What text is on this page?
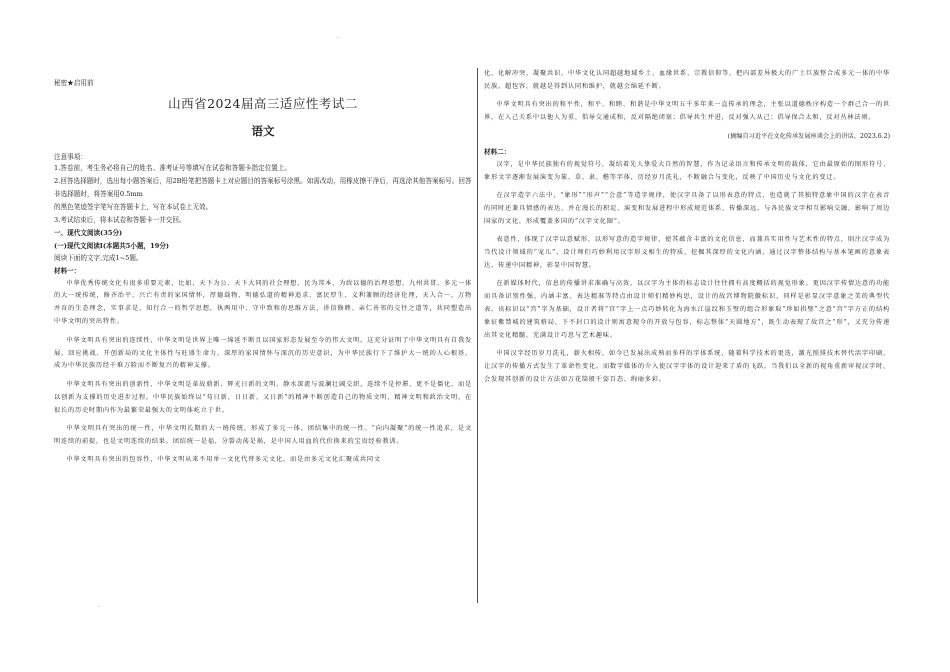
·
·

秘密★启用前

山西省2024届高三适应性考试二

语文

注意事项：

1.答卷前，考生务必将自己的姓名、准考证号等填写在试卷和答题卡指定位置上。

2.回答选择题时，选出每小题答案后，用2B铅笔把答题卡上对应题目的答案标号涂黑。如需改动，用橡皮擦干净后，再选涂其他答案标号。回答非选择题时，将答案用0.5mm

的黑色笔迹签字笔写在答题卡上，写在本试卷上无效。

3.考试结束后，将本试卷和答题卡一并交回。

一、现代文阅读(35分)

(一)现代文阅读I(本题共5小题，19分)

阅读下面的文字,完成1~5题。

材料一：

中华优秀传统文化有很多重要元素，比如，天下为公、天下大同的社会理想，民为邦本、为政以德的治理思想，九州共贯、多元一体的大一统传统，修齐治平、兴亡有责的家国情怀，厚德载物、明德弘道的精神追求，富民厚生、义利兼顾的经济伦理，天人合一、万物并育的生态理念，实事求是、知行合一的哲学思想，执两用中、守中致和的思维方法，讲信修睦、亲仁善邻的交往之道等，共同塑造出中华文明的突出特性。

中华文明具有突出的连续性，中华文明是世界上唯一绵延不断且以国家形态发展至今的伟大文明。这充分证明了中华文明具有自我发展、回应挑战、开创新局的文化主体性与旺盛生命力，深厚的家国情怀与深沉的历史意识，为中华民族行下了维护大一统的人心根基，成为中华民族历经千难万险而不断复兴的精神支撑。

中华文明具有突出的创新性，中华文明是革故鼎新、辉光日新的文明，静水深流与波澜壮阔交织，连续不是停滞、更不是僵化，而是以创新为支撑的历史进步过程。中华民族始终以“苟日新，日日新，又日新”的精神不断创造自己的物质文明、精神文明和政治文明，在很长的历史时期内作为最繁荣最强大的文明体屹立于世。

中华文明具有突出的统一性，中华文明长期的大一统传统，形成了多元一体、团结集中的统一性。“向内凝聚”的统一性追求，是文明连续的前提，也是文明连续的结果。团结统一是福，分裂动荡是祸，是中国人用血的代价换来的宝贵经验教训。

中华文明具有突出的包容性，中华文明从来不用单一文化代替多元文化，而是由多元文化汇聚成共同文

化，化解冲突，凝聚共识，中华文化认同超越地域乡土、血缘世系、宗教信仰等，把内部差异极大的广土巨族整合成多元一体的中华民族。超包容，就越是得到认同和维护，就越会绵延不断。

中华文明具有突出的和平性，和平、和睦、和谐是中华文明五千多年来一直传承的理念，主张以道德秩序构造一个群己合一的世界，在人己关系中以他人为重，倡导交通成和，反对隔绝闭塞；倡导共生并进，反对强人从己；倡导保合太和，反对丛林法则。

(摘编自习近平在文化传承发展座谈会上的讲话，2023.6.2)

材料二：

汉字，是中华民族独有的视觉符号，凝结着先人挚爱大自然的智慧，作为记录语言和传承文明的载体，它由最原始的图形符号、象形文字逐渐发展演变为篆、草、隶、楷等字体，历经岁月洗礼，不断融合与变化，反映了中国历史与文化的变迁。

在汉字造字六法中，“象形”“形声”“会意”等造字规律，使汉字具备了以形表意的特点，也造就了其独特意象中国的汉字在表音的同时还兼具情感的表达，并在漫长的积淀、演变和发展进程中形成规范体系，传播深远，与各民族文字相互影响交融，影响了周边国家的文化，形成覆盖多国的“汉字文化圈”。

表意性，体现了汉字以意赋形、以形写意的造字规律，使其蕴含丰富的文化信息，而兼具实用性与艺术性的特点，則注汉字成为当代设计领域的“宠儿”，设计师们巧妙利用汉字形义相生的特质，挖掘其深厚的文化内涵，通过汉字整体结构与基本笔画的意象表达，传递中国精神，彰显中国智慧。

在新媒体时代，信息的传播讲求准确与高效，以汉字为主体的标志设计往往拥有高度概括的视觉形象。更因汉字传情达意的功能而具备识别性强、内涵丰富、表达精准等特点由设计师们精妙构思，设计的故宫博物院徽标识，同样是彰显汉字意象之美的典型代表，该标识以“宫”字为基础，设计者将“宫”字上一点巧妙转化为海水江崖纹和玉璧的组合形象取“珍如拱璧”之意“宫”字方正的结构象征紫禁城的建筑格局，下不封口的设计则寓意现今的开放与包容，标志整体“天圆地方”，既生动表现了故宫之“形”，又充分传递出其文化精髓，充满设计巧思与艺术趣味。

中国汉字经历岁月洗礼，薪火相传，如今已发展出成熟而多样的字体系统，随着科学技术的更迭，激光照排技术替代活字印刷，让汉字的传播方式发生了革命性变化，而数字媒体的介入使汉字字体的设计迎来了盾的飞跃。当我们以全新的视角重新审视汉字时，会发现其创新的设计方法如万花筒般千姿百态、绚丽多彩。
